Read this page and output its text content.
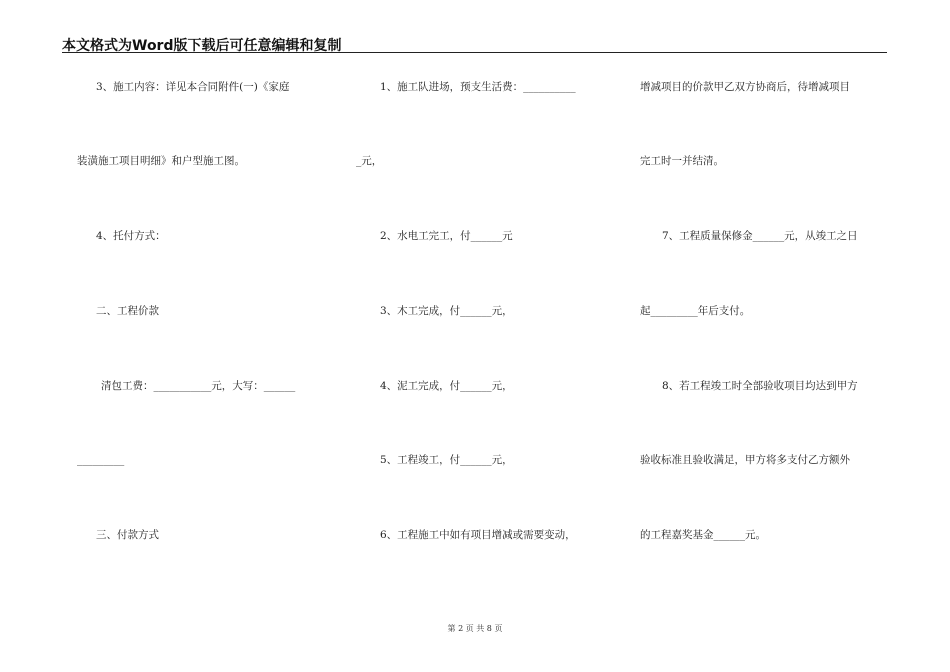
本文格式为Word版下载后可任意编辑和复制
3、施工内容：详见本合同附件(一)《家庭
装潢施工项目明细》和户型施工图。
4、托付方式：
二、工程价款
清包工费：___________元，大写：______
_________
三、付款方式
1、施工队进场，预支生活费：__________
_元，
2、水电工完工，付______元
3、木工完成，付______元，
4、泥工完成，付______元，
5、工程竣工，付______元，
6、工程施工中如有项目增减或需要变动，
增减项目的价款甲乙双方协商后，待增减项目
完工时一并结清。
7、工程质量保修金______元，从竣工之日
起_________年后支付。
8、若工程竣工时全部验收项目均达到甲方
验收标准且验收满足，甲方将多支付乙方额外
的工程嘉奖基金______元。
第 2 页 共 8 页
